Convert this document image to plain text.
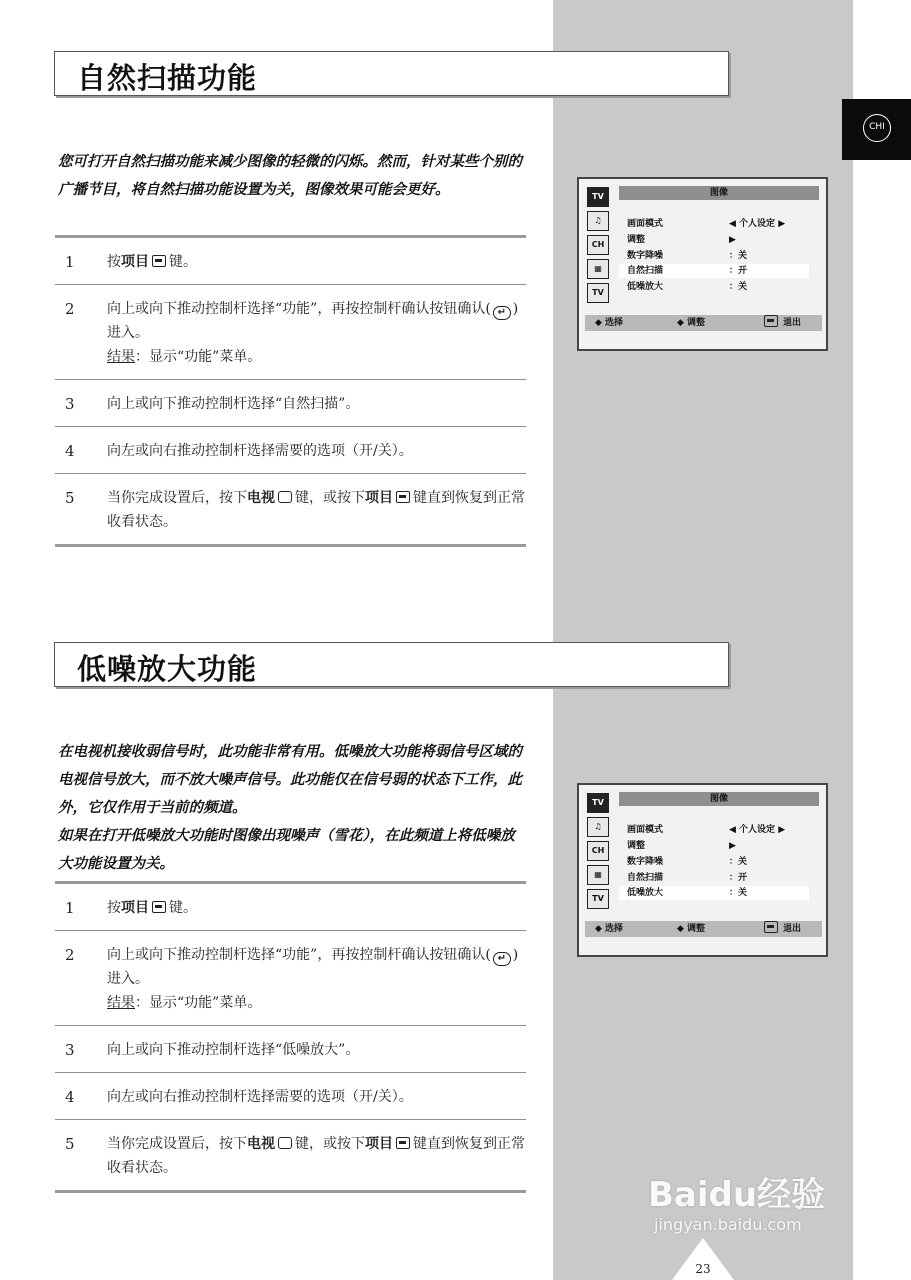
CHI
自然扫描功能
您可打开自然扫描功能来减少图像的轻微的闪烁。然而，针对某些个别的广播节目，将自然扫描功能设置为关，图像效果可能会更好。
1 按项目 键。
2 向上或向下推动控制杆选择“功能”，再按控制杆确认按钮确认( ↵ )进入。
结果：显示“功能”菜单。
3 向上或向下推动控制杆选择“自然扫描”。
4 向左或向右推动控制杆选择需要的选项（开/关）。
5 当你完成设置后，按下电视 键，或按下项目 键直到恢复到正常收看状态。
TV
♫
CH
▦
TV
图像
画面模式	◀ 个人设定 ▶
调整	▶
数字降噪	：关
自然扫描	：开
低噪放大	：关
◆ 选择	◆ 调整	退出
低噪放大功能
在电视机接收弱信号时，此功能非常有用。低噪放大功能将弱信号区域的电视信号放大，而不放大噪声信号。此功能仅在信号弱的状态下工作，此外，它仅作用于当前的频道。
如果在打开低噪放大功能时图像出现噪声（雪花），在此频道上将低噪放大功能设置为关。
1 按项目 键。
2 向上或向下推动控制杆选择“功能”，再按控制杆确认按钮确认( ↵ )进入。
结果：显示“功能”菜单。
3 向上或向下推动控制杆选择“低噪放大”。
4 向左或向右推动控制杆选择需要的选项（开/关）。
5 当你完成设置后，按下电视 键，或按下项目 键直到恢复到正常收看状态。
TV
♫
CH
▦
TV
图像
画面模式	◀ 个人设定 ▶
调整	▶
数字降噪	：关
自然扫描	：开
低噪放大	：关
◆ 选择	◆ 调整	退出
Baidu经验
jingyan.baidu.com
23
